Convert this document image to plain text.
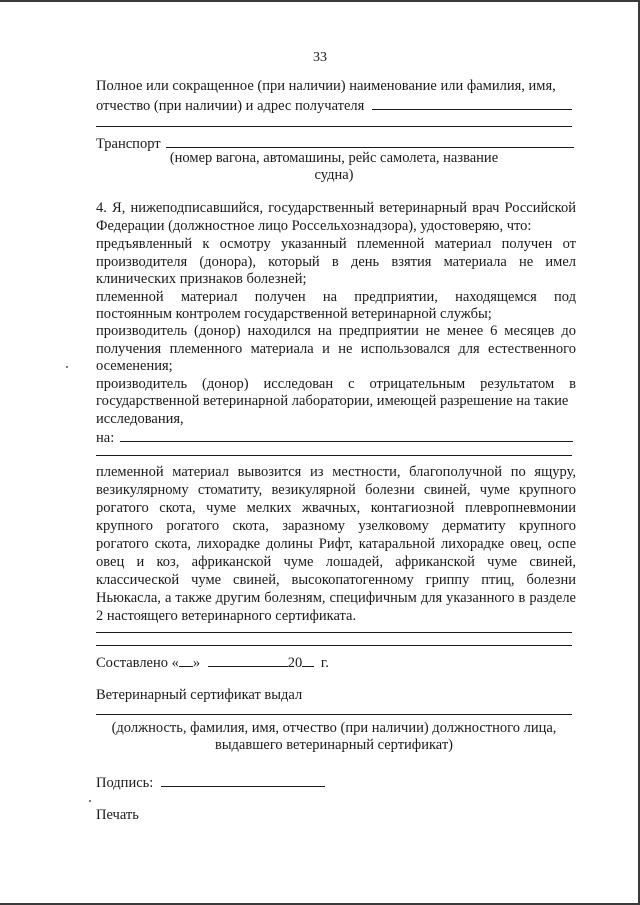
33
Полное или сокращенное (при наличии) наименование или фамилия, имя,
отчество (при наличии) и адрес получателя
Транспорт
(номер вагона, автомашины, рейс самолета, название
судна)
4. Я, нижеподписавшийся, государственный ветеринарный врач Российской
Федерации (должностное лицо Россельхознадзора), удостоверяю, что:
предъявленный к осмотру указанный племенной материал получен от
производителя (донора), который в день взятия материала не имел
клинических признаков болезней;
племенной материал получен на предприятии, находящемся под
постоянным контролем государственной ветеринарной службы;
производитель (донор) находился на предприятии не менее 6 месяцев до
получения племенного материала и не использовался для естественного
осеменения;
производитель (донор) исследован с отрицательным результатом в
государственной ветеринарной лаборатории, имеющей разрешение на такие
исследования,
на:
племенной материал вывозится из местности, благополучной по ящуру,
везикулярному стоматиту, везикулярной болезни свиней, чуме крупного
рогатого скота, чуме мелких жвачных, контагиозной плевропневмонии
крупного рогатого скота, заразному узелковому дерматиту крупного
рогатого скота, лихорадке долины Рифт, катаральной лихорадке овец, оспе
овец и коз, африканской чуме лошадей, африканской чуме свиней,
классической чуме свиней, высокопатогенному гриппу птиц, болезни
Ньюкасла, а также другим болезням, специфичным для указанного в разделе
2 настоящего ветеринарного сертификата.
Составлено « »	20 г.
Ветеринарный сертификат выдал
(должность, фамилия, имя, отчество (при наличии) должностного лица,
выдавшего ветеринарный сертификат)
Подпись:
Печать
